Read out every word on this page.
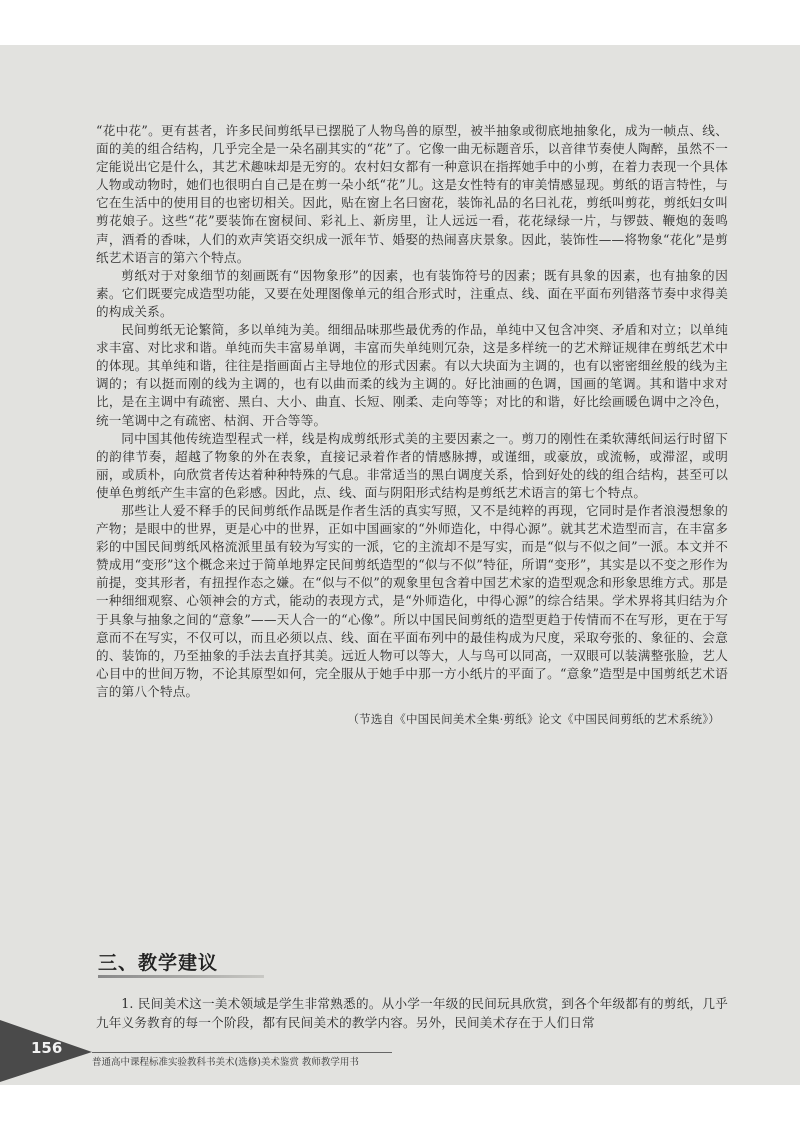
“花中花”。更有甚者，许多民间剪纸早已摆脱了人物鸟兽的原型，被半抽象或彻底地抽象化，成为一帧点、线、面的美的组合结构，几乎完全是一朵名副其实的“花”了。它像一曲无标题音乐，以音律节奏使人陶醉，虽然不一定能说出它是什么，其艺术趣味却是无穷的。农村妇女都有一种意识在指挥她手中的小剪，在着力表现一个具体人物或动物时，她们也很明白自己是在剪一朵小纸“花”儿。这是女性特有的审美情感显现。剪纸的语言特性，与它在生活中的使用目的也密切相关。因此，贴在窗上名曰窗花，装饰礼品的名曰礼花，剪纸叫剪花，剪纸妇女叫剪花娘子。这些“花”要装饰在窗棂间、彩礼上、新房里，让人远远一看，花花绿绿一片，与锣鼓、鞭炮的轰鸣声，酒肴的香味，人们的欢声笑语交织成一派年节、婚娶的热闹喜庆景象。因此，装饰性——将物象“花化”是剪纸艺术语言的第六个特点。

剪纸对于对象细节的刻画既有“因物象形”的因素，也有装饰符号的因素；既有具象的因素，也有抽象的因素。它们既要完成造型功能，又要在处理图像单元的组合形式时，注重点、线、面在平面布列错落节奏中求得美的构成关系。

民间剪纸无论繁简，多以单纯为美。细细品味那些最优秀的作品，单纯中又包含冲突、矛盾和对立；以单纯求丰富、对比求和谐。单纯而失丰富易单调，丰富而失单纯则冗杂，这是多样统一的艺术辩证规律在剪纸艺术中的体现。其单纯和谐，往往是指画面占主导地位的形式因素。有以大块面为主调的，也有以密密细丝般的线为主调的；有以挺而刚的线为主调的，也有以曲而柔的线为主调的。好比油画的色调，国画的笔调。其和谐中求对比，是在主调中有疏密、黑白、大小、曲直、长短、刚柔、走向等等；对比的和谐，好比绘画暖色调中之冷色，统一笔调中之有疏密、枯润、开合等等。

同中国其他传统造型程式一样，线是构成剪纸形式美的主要因素之一。剪刀的刚性在柔软薄纸间运行时留下的韵律节奏，超越了物象的外在表象，直接记录着作者的情感脉搏，或谨细，或豪放，或流畅，或滞涩，或明丽，或质朴，向欣赏者传达着种种特殊的气息。非常适当的黑白调度关系，恰到好处的线的组合结构，甚至可以使单色剪纸产生丰富的色彩感。因此，点、线、面与阴阳形式结构是剪纸艺术语言的第七个特点。

那些让人爱不释手的民间剪纸作品既是作者生活的真实写照，又不是纯粹的再现，它同时是作者浪漫想象的产物；是眼中的世界，更是心中的世界，正如中国画家的“外师造化，中得心源”。就其艺术造型而言，在丰富多彩的中国民间剪纸风格流派里虽有较为写实的一派，它的主流却不是写实，而是“似与不似之间”一派。本文并不赞成用“变形”这个概念来过于简单地界定民间剪纸造型的“似与不似”特征，所谓“变形”，其实是以不变之形作为前提，变其形者，有扭捏作态之嫌。在“似与不似”的观象里包含着中国艺术家的造型观念和形象思维方式。那是一种细细观察、心领神会的方式，能动的表现方式，是“外师造化，中得心源”的综合结果。学术界将其归结为介于具象与抽象之间的“意象”——天人合一的“心像”。所以中国民间剪纸的造型更趋于传情而不在写形，更在于写意而不在写实，不仅可以，而且必须以点、线、面在平面布列中的最佳构成为尺度，采取夸张的、象征的、会意的、装饰的，乃至抽象的手法去直抒其美。远近人物可以等大，人与鸟可以同高，一双眼可以装满整张脸，艺人心目中的世间万物，不论其原型如何，完全服从于她手中那一方小纸片的平面了。“意象”造型是中国剪纸艺术语言的第八个特点。

（节选自《中国民间美术全集·剪纸》论文《中国民间剪纸的艺术系统》）

三、教学建议
1. 民间美术这一美术领域是学生非常熟悉的。从小学一年级的民间玩具欣赏，到各个年级都有的剪纸，几乎九年义务教育的每一个阶段，都有民间美术的教学内容。另外，民间美术存在于人们日常
156
普通高中课程标准实验教科书美术(选修)美术鉴赏 教师教学用书
